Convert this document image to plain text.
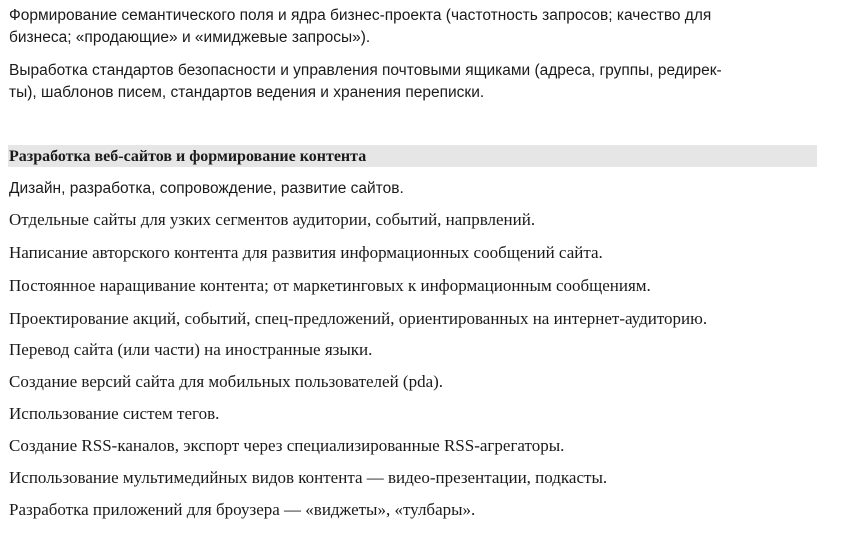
Формирование семантического поля и ядра бизнес-проекта (частотность запросов; качество для
бизнеса; «продающие» и «имиджевые запросы»).
Выработка стандартов безопасности и управления почтовыми ящиками (адреса, группы, редирек-
ты), шаблонов писем, стандартов ведения и хранения переписки.
Разработка веб-сайтов и формирование контента
Дизайн, разработка, сопровождение, развитие сайтов.
Отдельные сайты для узких сегментов аудитории, событий, напрвлений.
Написание авторского контента для развития информационных сообщений сайта.
Постоянное наращивание контента; от маркетинговых к информационным сообщениям.
Проектирование акций, событий, спец-предложений, ориентированных на интернет-аудиторию.
Перевод сайта (или части) на иностранные языки.
Создание версий сайта для мобильных пользователей (pda).
Использование систем тегов.
Создание RSS-каналов, экспорт через специализированные RSS-агрегаторы.
Использование мультимедийных видов контента — видео-презентации, подкасты.
Разработка приложений для броузера — «виджеты», «тулбары».
